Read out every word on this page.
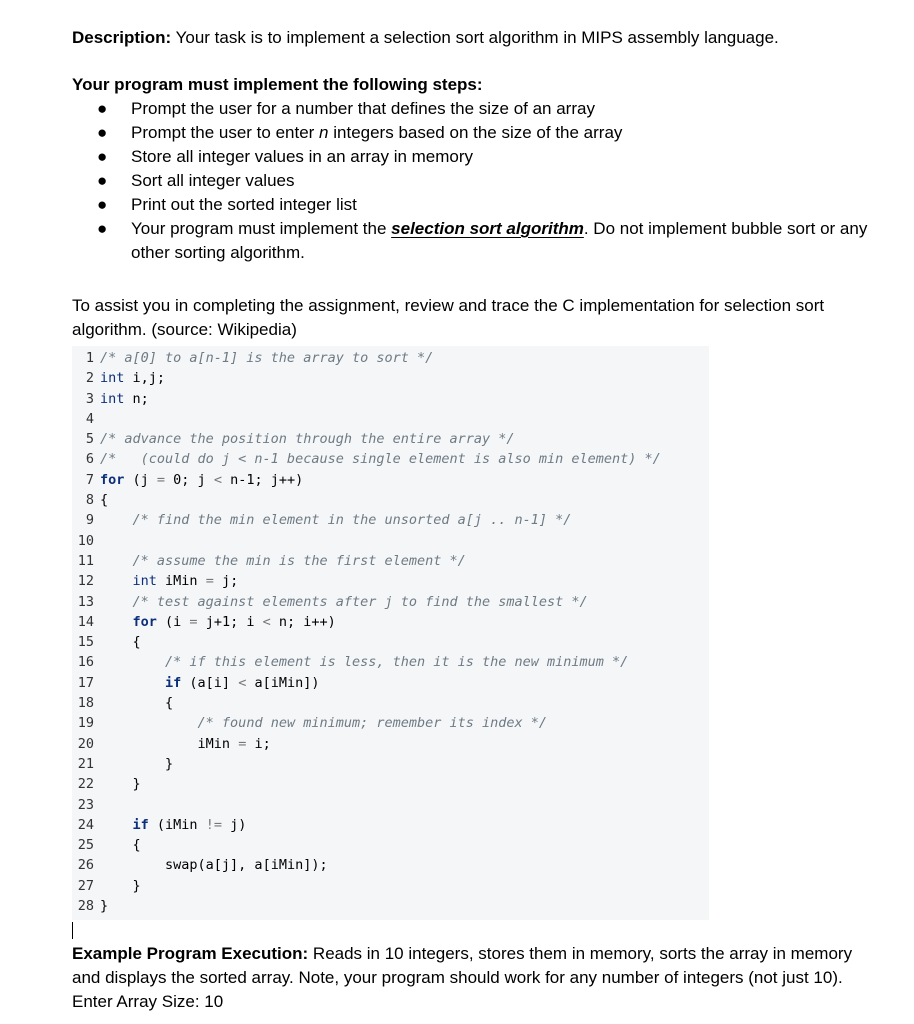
Description: Your task is to implement a selection sort algorithm in MIPS assembly language.

Your program must implement the following steps:

● Prompt the user for a number that defines the size of an array
● Prompt the user to enter n integers based on the size of the array
● Store all integer values in an array in memory
● Sort all integer values
● Print out the sorted integer list
● Your program must implement the selection sort algorithm. Do not implement bubble sort or any other sorting algorithm.

To assist you in completing the assignment, review and trace the C implementation for selection sort algorithm. (source: Wikipedia)

1 /* a[0] to a[n-1] is the array to sort */
2 int i,j;
3 int n;
4
5 /* advance the position through the entire array */
6 /*   (could do j < n-1 because single element is also min element) */
7 for (j = 0; j < n-1; j++)
8 {
9	/* find the min element in the unsorted a[j .. n-1] */
10
11	/* assume the min is the first element */
12	int iMin = j;
13	/* test against elements after j to find the smallest */
14	for (i = j+1; i < n; i++)
15	{
16	/* if this element is less, then it is the new minimum */
17	if (a[i] < a[iMin])
18	{
19	/* found new minimum; remember its index */
20	iMin = i;
21	}
22	}
23
24	if (iMin != j)
25	{
26	swap(a[j], a[iMin]);
27	}
28 }

Example Program Execution: Reads in 10 integers, stores them in memory, sorts the array in memory and displays the sorted array. Note, your program should work for any number of integers (not just 10).

Enter Array Size: 10
